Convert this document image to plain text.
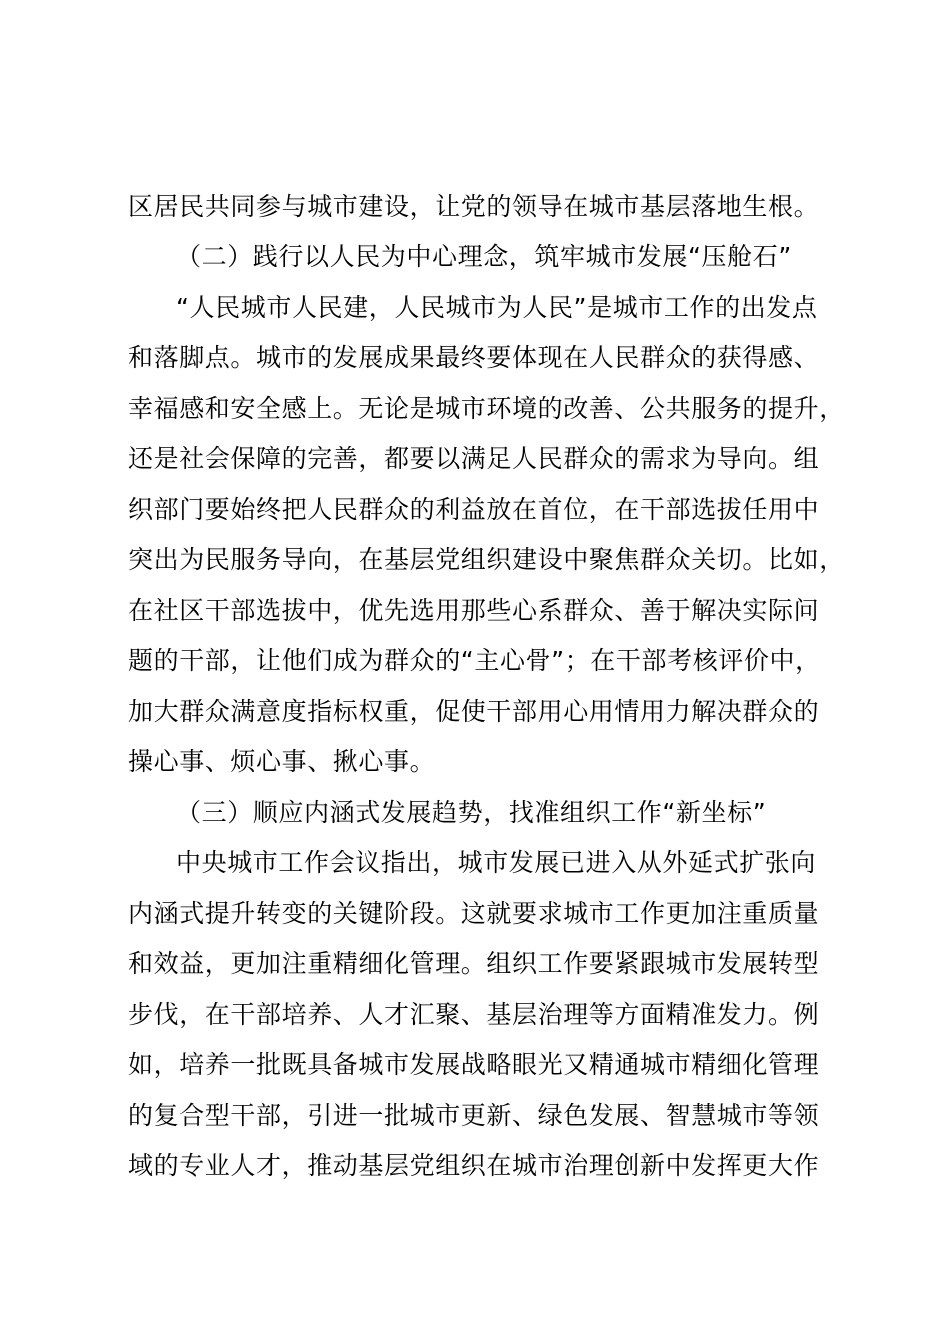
区居民共同参与城市建设，让党的领导在城市基层落地生根。
（二）践行以人民为中心理念，筑牢城市发展“压舱石”
“人民城市人民建，人民城市为人民”是城市工作的出发点
和落脚点。城市的发展成果最终要体现在人民群众的获得感、
幸福感和安全感上。无论是城市环境的改善、公共服务的提升，
还是社会保障的完善，都要以满足人民群众的需求为导向。组
织部门要始终把人民群众的利益放在首位，在干部选拔任用中
突出为民服务导向，在基层党组织建设中聚焦群众关切。比如，
在社区干部选拔中，优先选用那些心系群众、善于解决实际问
题的干部，让他们成为群众的“主心骨”；在干部考核评价中，
加大群众满意度指标权重，促使干部用心用情用力解决群众的
操心事、烦心事、揪心事。
（三）顺应内涵式发展趋势，找准组织工作“新坐标”
中央城市工作会议指出，城市发展已进入从外延式扩张向
内涵式提升转变的关键阶段。这就要求城市工作更加注重质量
和效益，更加注重精细化管理。组织工作要紧跟城市发展转型
步伐，在干部培养、人才汇聚、基层治理等方面精准发力。例
如，培养一批既具备城市发展战略眼光又精通城市精细化管理
的复合型干部，引进一批城市更新、绿色发展、智慧城市等领
域的专业人才，推动基层党组织在城市治理创新中发挥更大作
